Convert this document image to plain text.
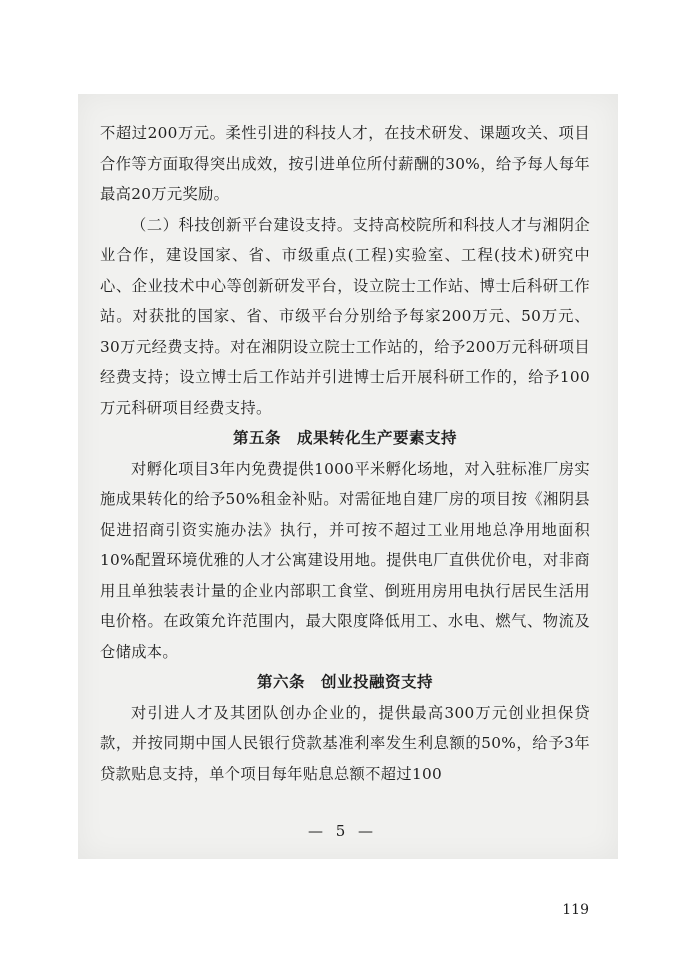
不超过200万元。柔性引进的科技人才，在技术研发、课题攻关、项目合作等方面取得突出成效，按引进单位所付薪酬的30%，给予每人每年最高20万元奖励。

（二）科技创新平台建设支持。支持高校院所和科技人才与湘阴企业合作，建设国家、省、市级重点(工程)实验室、工程(技术)研究中心、企业技术中心等创新研发平台，设立院士工作站、博士后科研工作站。对获批的国家、省、市级平台分别给予每家200万元、50万元、30万元经费支持。对在湘阴设立院士工作站的，给予200万元科研项目经费支持；设立博士后工作站并引进博士后开展科研工作的，给予100万元科研项目经费支持。

第五条　成果转化生产要素支持

对孵化项目3年内免费提供1000平米孵化场地，对入驻标准厂房实施成果转化的给予50%租金补贴。对需征地自建厂房的项目按《湘阴县促进招商引资实施办法》执行，并可按不超过工业用地总净用地面积10%配置环境优雅的人才公寓建设用地。提供电厂直供优价电，对非商用且单独装表计量的企业内部职工食堂、倒班用房用电执行居民生活用电价格。在政策允许范围内，最大限度降低用工、水电、燃气、物流及仓储成本。

第六条　创业投融资支持

对引进人才及其团队创办企业的，提供最高300万元创业担保贷款，并按同期中国人民银行贷款基准利率发生利息额的50%，给予3年贷款贴息支持，单个项目每年贴息总额不超过100

— 5 —
119
